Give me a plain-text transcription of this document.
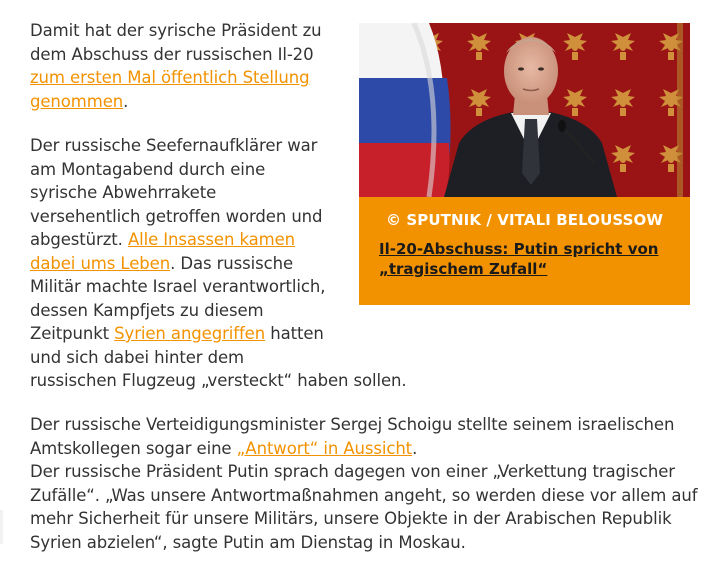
Damit hat der syrische Präsident zu dem Abschuss der russischen Il-20 zum ersten Mal öffentlich Stellung genommen.

Der russische Seefernaufklärer war am Montagabend durch eine syrische Abwehrrakete versehentlich getroffen worden und abgestürzt. Alle Insassen kamen dabei ums Leben. Das russische Militär machte Israel verantwortlich, dessen Kampfjets zu diesem Zeitpunkt Syrien angegriffen hatten und sich dabei hinter dem russischen Flugzeug „versteckt“ haben sollen.

Der russische Verteidigungsminister Sergej Schoigu stellte seinem israelischen Amtskollegen sogar eine „Antwort“ in Aussicht.
Der russische Präsident Putin sprach dagegen von einer „Verkettung tragischer Zufälle“. „Was unsere Antwortmaßnahmen angeht, so werden diese vor allem auf mehr Sicherheit für unsere Militärs, unsere Objekte in der Arabischen Republik Syrien abzielen“, sagte Putin am Dienstag in Moskau.

© SPUTNIK / VITALI BELOUSSOW
Il-20-Abschuss: Putin spricht von „tragischem Zufall“
